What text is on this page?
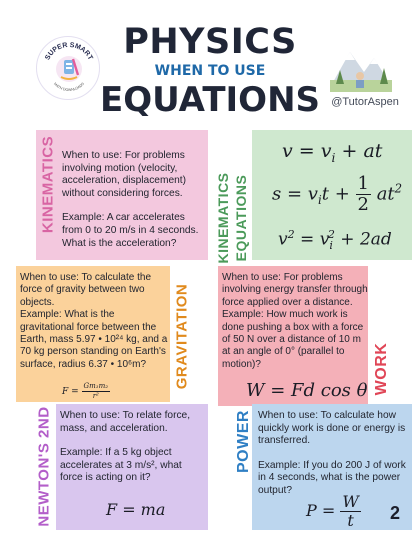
PHYSICS
WHEN TO USE
EQUATIONS
SUPER SMART
MATH DOWNLOADS
@TutorAspen
KINEMATICS When to use: For problems involving motion (velocity, acceleration, displacement) without considering forces.

Example: A car accelerates from 0 to 20 m/s in 4 seconds. What is the acceleration?	KINEMATICS EQUATIONS
$v = v_i$ + at
$s = v_it + \frac{1}{2} at^2$
$v^2 = v_i^2 + 2ad$
GRAVITATION

When to use: To calculate the force of gravity between two objects.

Example: What is the gravitational force between the Earth, mass 5.97 • 10²⁴ kg, and a 70 kg person standing on Earth's surface, radius 6.37 • 10⁶m?

$F = \frac{\text{Gm₁m₂}}{\text{r²}}$	WORK

When to use: For problems involving energy transfer through force applied over a distance.

Example: How much work is done pushing a box with a force of 50 N over a distance of 10 m at an angle of 0° (parallel to motion)?

W = Fd cos θ
NEWTON'S 2ND When to use: To relate force, mass, and acceleration.

Example: If a 5 kg object accelerates at 3 m/s², what force is acting on it?

F = ma
POWER When to use: To calculate how quickly work is done or energy is transferred.

Example: If you do 200 J of work in 4 seconds, what is the power output?

$P = \frac{W}{t} 2$
